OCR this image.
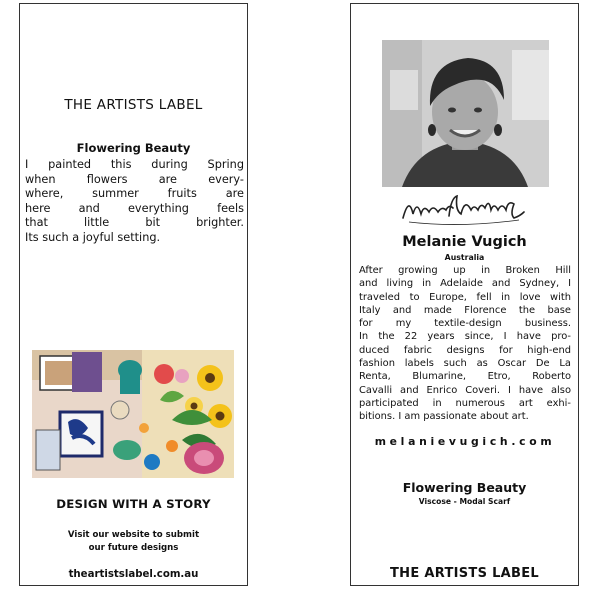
THE ARTISTS LABEL
Flowering Beauty
I painted this during Spring
when flowers are every-
where, summer fruits are
here and everything feels
that little bit brighter.
Its such a joyful setting.
DESIGN WITH A STORY
Visit our website to submit
our future designs
theartistslabel.com.au
Melanie Vugich
Australia
After growing up in Broken Hill
and living in Adelaide and Sydney, I
traveled to Europe, fell in love with
Italy and made Florence the base
for my textile-design business.
In the 22 years since, I have pro-
duced fabric designs for high-end
fashion labels such as Oscar De La
Renta, Blumarine, Etro, Roberto
Cavalli and Enrico Coveri. I have also
participated in numerous art exhi-
bitions. I am passionate about art.
melanievugich.com
Flowering Beauty
Viscose - Modal Scarf
THE ARTISTS LABEL
